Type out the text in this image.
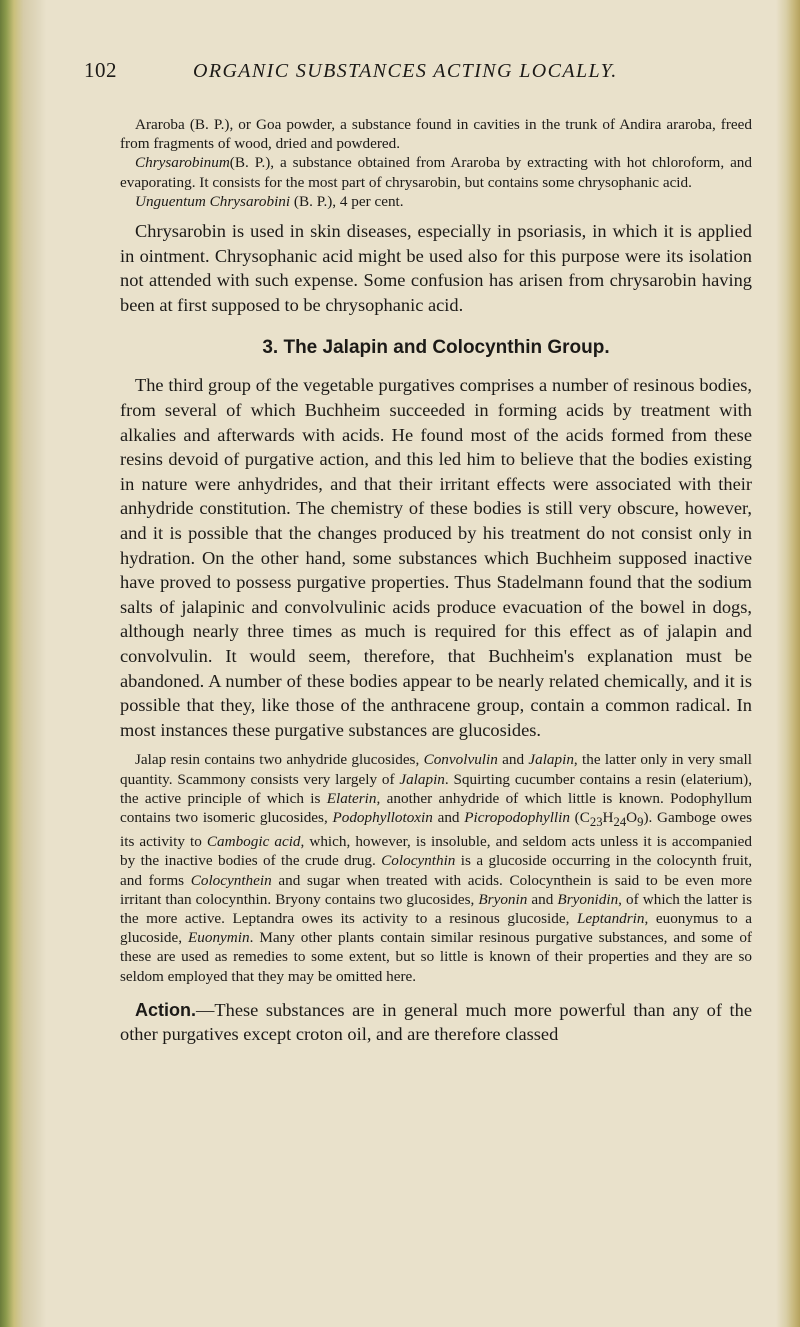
102	ORGANIC SUBSTANCES ACTING LOCALLY.

Araroba (B. P.), or Goa powder, a substance found in cavities in the trunk of Andira araroba, freed from fragments of wood, dried and powdered.

Chrysarobinum(B. P.), a substance obtained from Araroba by extracting with hot chloroform, and evaporating. It consists for the most part of chrysarobin, but contains some chrysophanic acid.

Unguentum Chrysarobini (B. P.), 4 per cent.

Chrysarobin is used in skin diseases, especially in psoriasis, in which it is applied in ointment. Chrysophanic acid might be used also for this purpose were its isolation not attended with such expense. Some confusion has arisen from chrysarobin having been at first supposed to be chrysophanic acid.

3. The Jalapin and Colocynthin Group.

The third group of the vegetable purgatives comprises a number of resinous bodies, from several of which Buchheim succeeded in forming acids by treatment with alkalies and afterwards with acids. He found most of the acids formed from these resins devoid of purgative action, and this led him to believe that the bodies existing in nature were anhydrides, and that their irritant effects were associated with their anhydride constitution. The chemistry of these bodies is still very obscure, however, and it is possible that the changes produced by his treatment do not consist only in hydration. On the other hand, some substances which Buchheim supposed inactive have proved to possess purgative properties. Thus Stadelmann found that the sodium salts of jalapinic and convolvulinic acids produce evacuation of the bowel in dogs, although nearly three times as much is required for this effect as of jalapin and convolvulin. It would seem, therefore, that Buchheim's explanation must be abandoned. A number of these bodies appear to be nearly related chemically, and it is possible that they, like those of the anthracene group, contain a common radical. In most instances these purgative substances are glucosides.

Jalap resin contains two anhydride glucosides, Convolvulin and Jalapin, the latter only in very small quantity. Scammony consists very largely of Jalapin. Squirting cucumber contains a resin (elaterium), the active principle of which is Elaterin, another anhydride of which little is known. Podophyllum contains two isomeric glucosides, Podophyllotoxin and Picropodophyllin $(C_{23}H_{24}O_9)$. Gamboge owes its activity to Cambogic acid, which, however, is insoluble, and seldom acts unless it is accompanied by the inactive bodies of the crude drug. Colocynthin is a glucoside occurring in the colocynth fruit, and forms Colocynthein and sugar when treated with acids. Colocynthein is said to be even more irritant than colocynthin. Bryony contains two glucosides, Bryonin and Bryonidin, of which the latter is the more active. Leptandra owes its activity to a resinous glucoside, Leptandrin, euonymus to a glucoside, Euonymin. Many other plants contain similar resinous purgative substances, and some of these are used as remedies to some extent, but so little is known of their properties and they are so seldom employed that they may be omitted here.

Action.—These substances are in general much more powerful than any of the other purgatives except croton oil, and are therefore classed
